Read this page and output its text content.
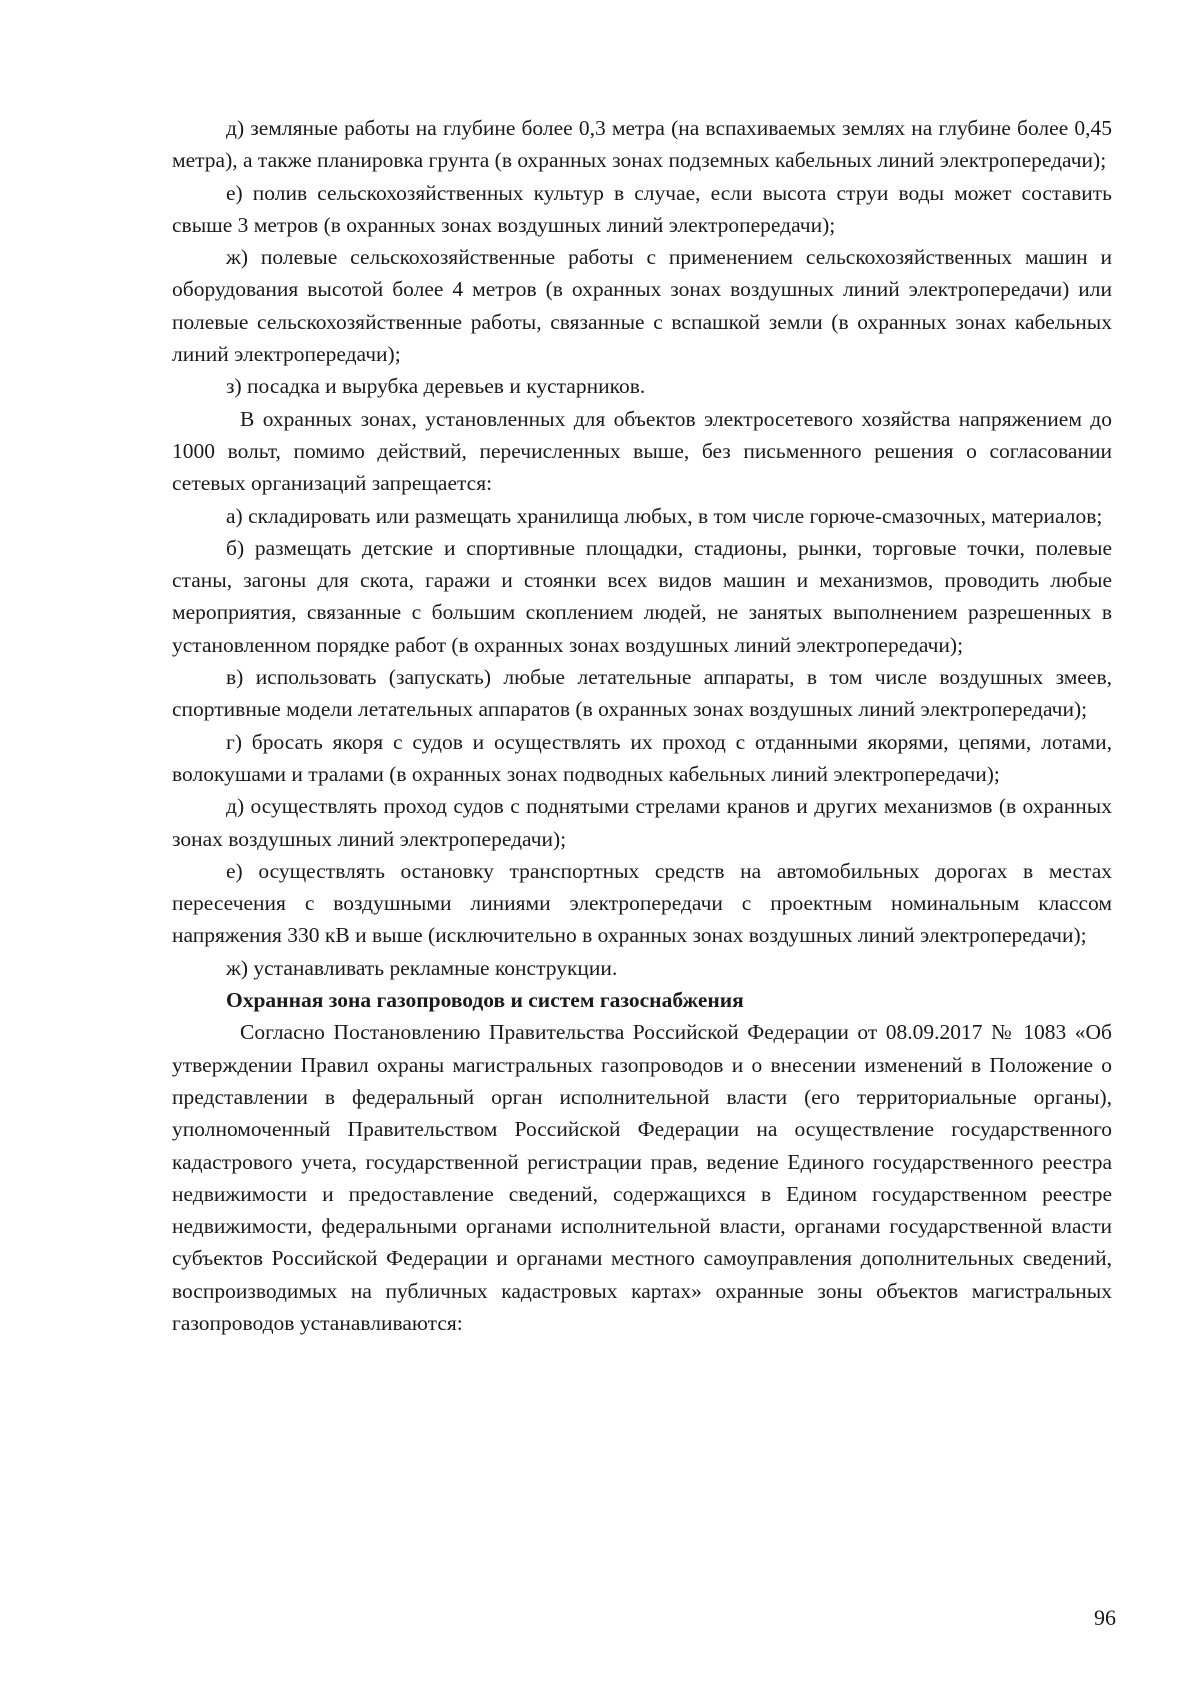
д) земляные работы на глубине более 0,3 метра (на вспахиваемых землях на глубине более 0,45 метра), а также планировка грунта (в охранных зонах подземных кабельных линий электропередачи);

е) полив сельскохозяйственных культур в случае, если высота струи воды может составить свыше 3 метров (в охранных зонах воздушных линий электропередачи);

ж) полевые сельскохозяйственные работы с применением сельскохозяйственных машин и оборудования высотой более 4 метров (в охранных зонах воздушных линий электропередачи) или полевые сельскохозяйственные работы, связанные с вспашкой земли (в охранных зонах кабельных линий электропередачи);

з) посадка и вырубка деревьев и кустарников.

В охранных зонах, установленных для объектов электросетевого хозяйства напряжением до 1000 вольт, помимо действий, перечисленных выше, без письменного решения о согласовании сетевых организаций запрещается:

а) складировать или размещать хранилища любых, в том числе горюче-смазочных, материалов;

б) размещать детские и спортивные площадки, стадионы, рынки, торговые точки, полевые станы, загоны для скота, гаражи и стоянки всех видов машин и механизмов, проводить любые мероприятия, связанные с большим скоплением людей, не занятых выполнением разрешенных в установленном порядке работ (в охранных зонах воздушных линий электропередачи);

в) использовать (запускать) любые летательные аппараты, в том числе воздушных змеев, спортивные модели летательных аппаратов (в охранных зонах воздушных линий электропередачи);

г) бросать якоря с судов и осуществлять их проход с отданными якорями, цепями, лотами, волокушами и тралами (в охранных зонах подводных кабельных линий электропередачи);

д) осуществлять проход судов с поднятыми стрелами кранов и других механизмов (в охранных зонах воздушных линий электропередачи);

е) осуществлять остановку транспортных средств на автомобильных дорогах в местах пересечения с воздушными линиями электропередачи с проектным номинальным классом напряжения 330 кВ и выше (исключительно в охранных зонах воздушных линий электропередачи);

ж) устанавливать рекламные конструкции.

Охранная зона газопроводов и систем газоснабжения

Согласно Постановлению Правительства Российской Федерации от 08.09.2017 № 1083 «Об утверждении Правил охраны магистральных газопроводов и о внесении изменений в Положение о представлении в федеральный орган исполнительной власти (его территориальные органы), уполномоченный Правительством Российской Федерации на осуществление государственного кадастрового учета, государственной регистрации прав, ведение Единого государственного реестра недвижимости и предоставление сведений, содержащихся в Едином государственном реестре недвижимости, федеральными органами исполнительной власти, органами государственной власти субъектов Российской Федерации и органами местного самоуправления дополнительных сведений, воспроизводимых на публичных кадастровых картах» охранные зоны объектов магистральных газопроводов устанавливаются:

96
